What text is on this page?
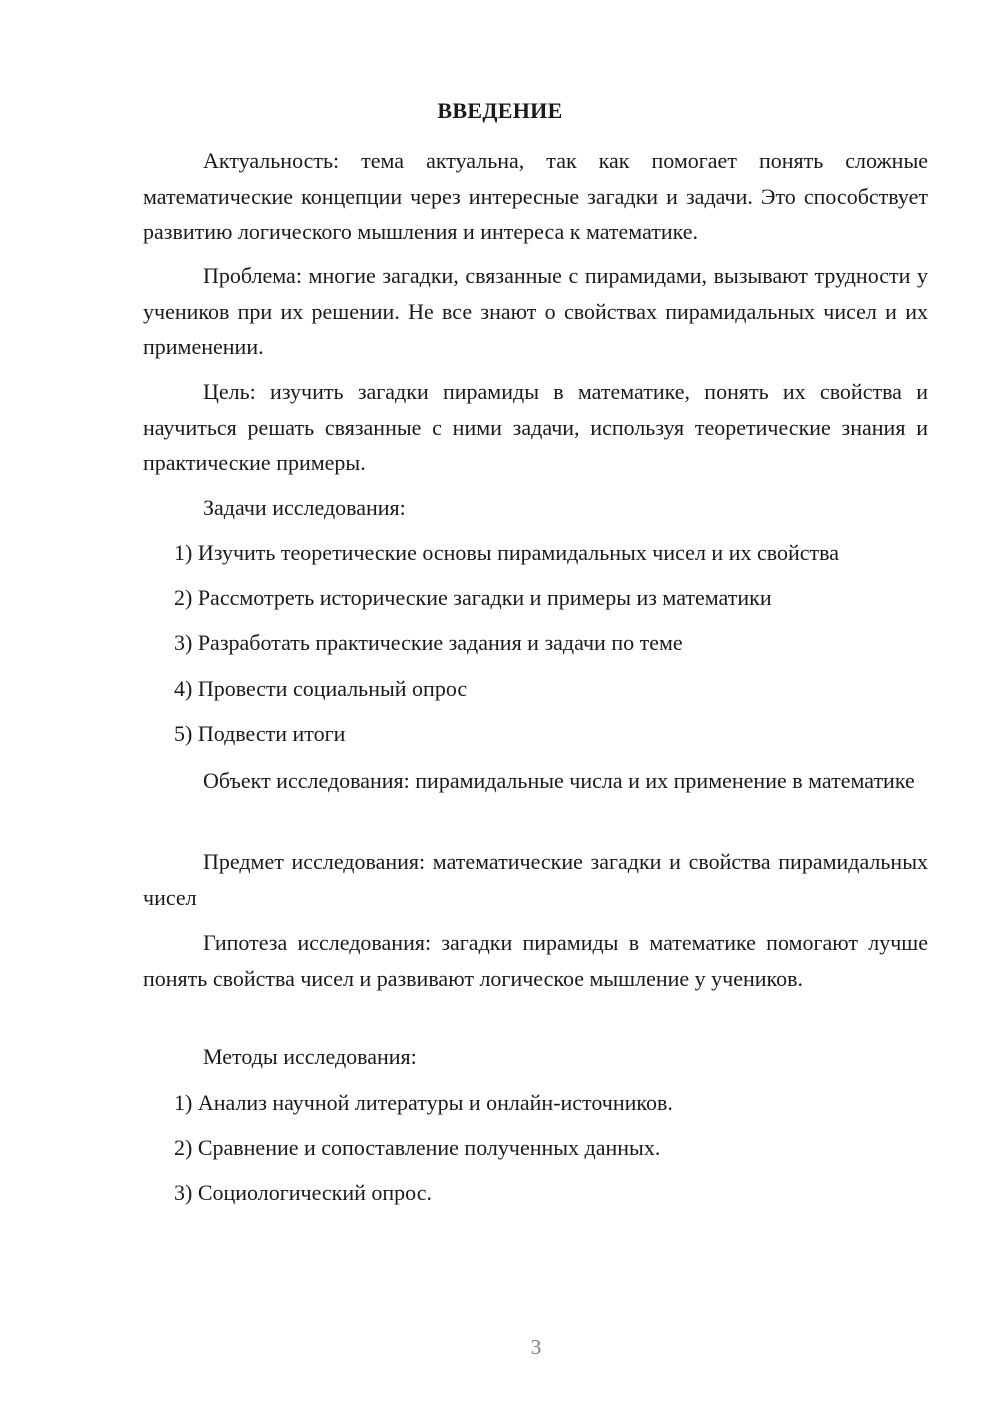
ВВЕДЕНИЕ

Актуальность: тема актуальна, так как помогает понять сложные математические концепции через интересные загадки и задачи. Это способствует развитию логического мышления и интереса к математике.

Проблема: многие загадки, связанные с пирамидами, вызывают трудности у учеников при их решении. Не все знают о свойствах пирамидальных чисел и их применении.

Цель: изучить загадки пирамиды в математике, понять их свойства и научиться решать связанные с ними задачи, используя теоретические знания и практические примеры.

Задачи исследования:

1) Изучить теоретические основы пирамидальных чисел и их свойства

2) Рассмотреть исторические загадки и примеры из математики

3) Разработать практические задания и задачи по теме

4) Провести социальный опрос

5) Подвести итоги

Объект исследования: пирамидальные числа и их применение в математике

Предмет исследования: математические загадки и свойства пирамидальных чисел

Гипотеза исследования: загадки пирамиды в математике помогают лучше понять свойства чисел и развивают логическое мышление у учеников.

Методы исследования:

1) Анализ научной литературы и онлайн-источников.

2) Сравнение и сопоставление полученных данных.

3) Социологический опрос.

3
